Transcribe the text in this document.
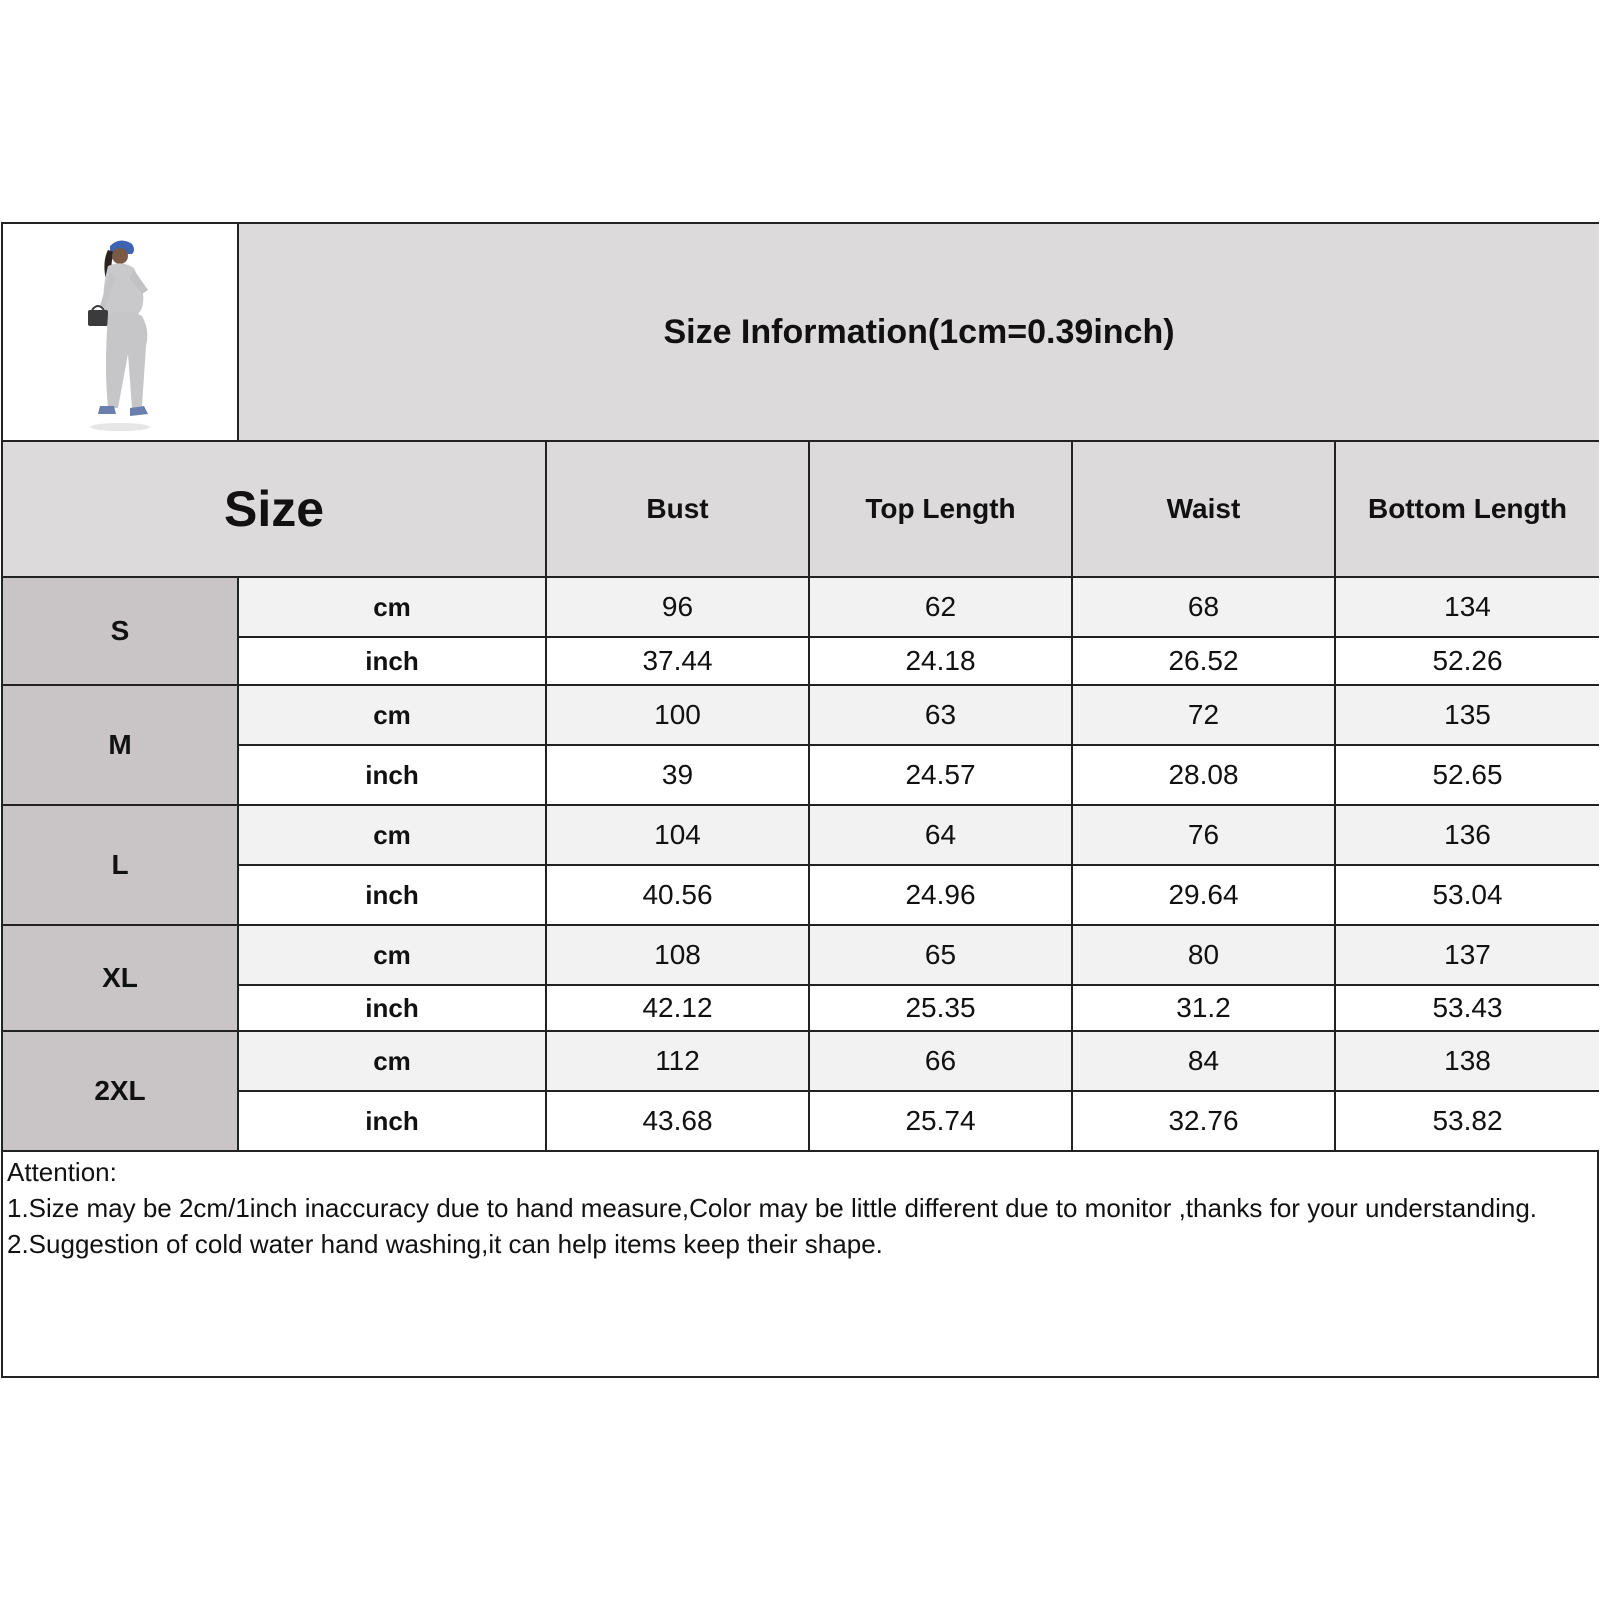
Size Information(1cm=0.39inch)
Size	Bust	Top Length	Waist	Bottom Length
S
cm	96	62	68	134
inch	37.44	24.18	26.52	52.26
M
cm	100	63	72	135
inch	39	24.57	28.08	52.65
L
cm	104	64	76	136
inch	40.56	24.96	29.64	53.04
XL
cm	108	65	80	137
inch	42.12	25.35	31.2	53.43
2XL
cm	112	66	84	138
inch	43.68	25.74	32.76	53.82
Attention:
1.Size may be 2cm/1inch inaccuracy due to hand measure,Color may be little different due to monitor ,thanks for your understanding.
2.Suggestion of cold water hand washing,it can help items keep their shape.
